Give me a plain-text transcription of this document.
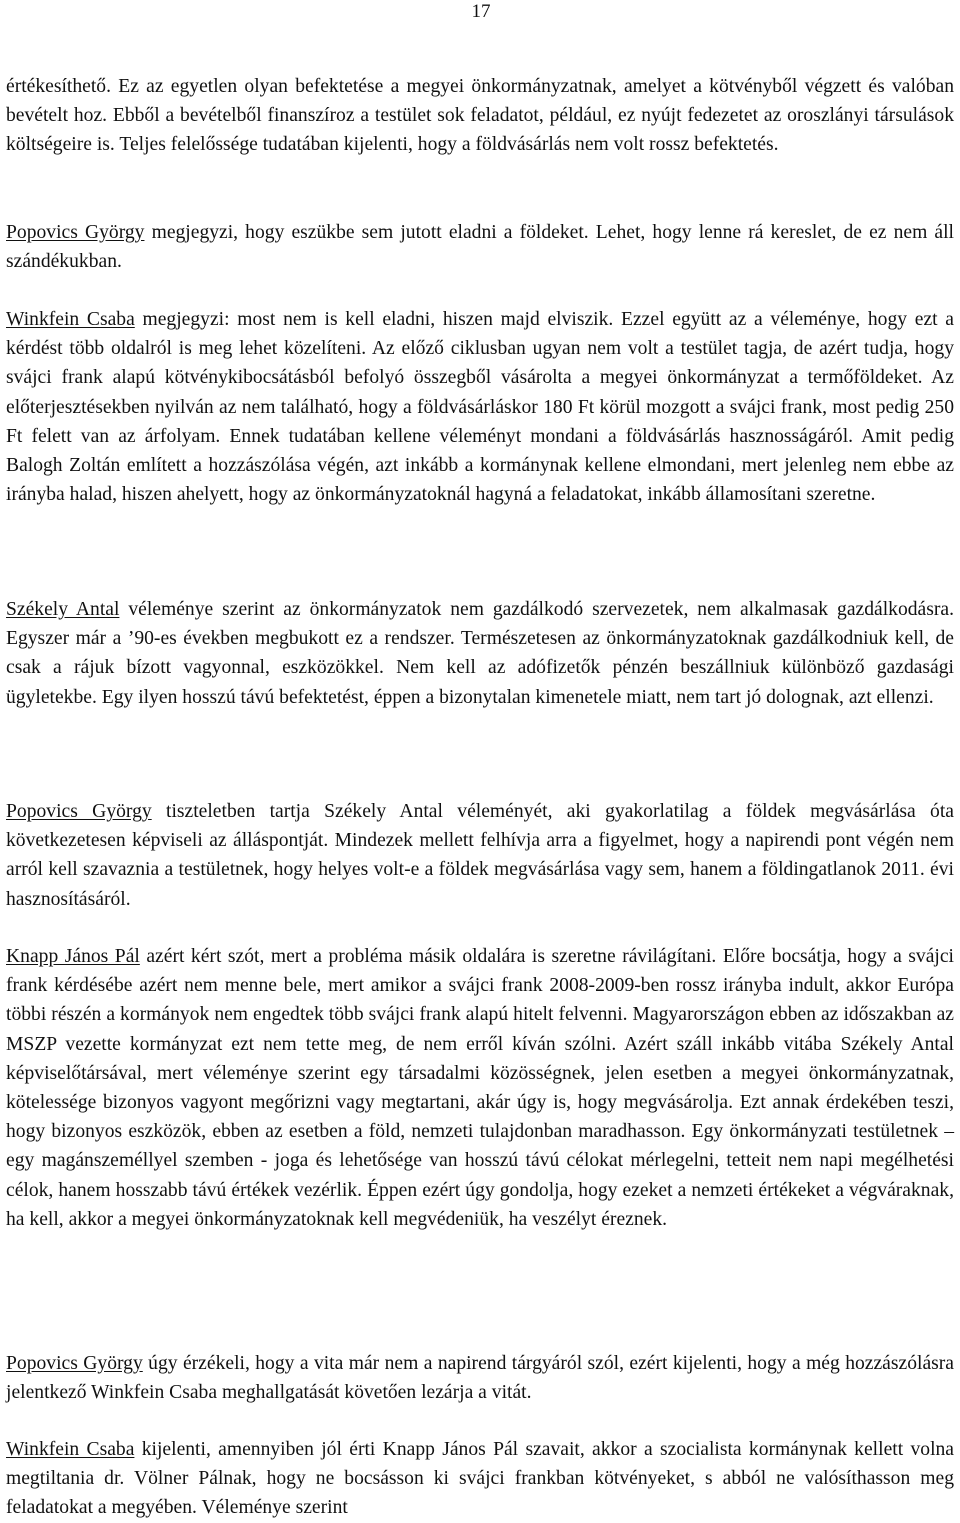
17

értékesíthető. Ez az egyetlen olyan befektetése a megyei önkormányzatnak, amelyet a kötvényből végzett és valóban bevételt hoz. Ebből a bevételből finanszíroz a testület sok feladatot, például, ez nyújt fedezetet az oroszlányi társulások költségeire is. Teljes felelőssége tudatában kijelenti, hogy a földvásárlás nem volt rossz befektetés.

Popovics György megjegyzi, hogy eszükbe sem jutott eladni a földeket. Lehet, hogy lenne rá kereslet, de ez nem áll szándékukban.

Winkfein Csaba megjegyzi: most nem is kell eladni, hiszen majd elviszik. Ezzel együtt az a véleménye, hogy ezt a kérdést több oldalról is meg lehet közelíteni. Az előző ciklusban ugyan nem volt a testület tagja, de azért tudja, hogy svájci frank alapú kötvénykibocsátásból befolyó összegből vásárolta a megyei önkormányzat a termőföldeket. Az előterjesztésekben nyilván az nem található, hogy a földvásárláskor 180 Ft körül mozgott a svájci frank, most pedig 250 Ft felett van az árfolyam. Ennek tudatában kellene véleményt mondani a földvásárlás hasznosságáról. Amit pedig Balogh Zoltán említett a hozzászólása végén, azt inkább a kormánynak kellene elmondani, mert jelenleg nem ebbe az irányba halad, hiszen ahelyett, hogy az önkormányzatoknál hagyná a feladatokat, inkább államosítani szeretne.

Székely Antal véleménye szerint az önkormányzatok nem gazdálkodó szervezetek, nem alkalmasak gazdálkodásra. Egyszer már a ’90-es években megbukott ez a rendszer. Természetesen az önkormányzatoknak gazdálkodniuk kell, de csak a rájuk bízott vagyonnal, eszközökkel. Nem kell az adófizetők pénzén beszállniuk különböző gazdasági ügyletekbe. Egy ilyen hosszú távú befektetést, éppen a bizonytalan kimenetele miatt, nem tart jó dolognak, azt ellenzi.

Popovics György tiszteletben tartja Székely Antal véleményét, aki gyakorlatilag a földek megvásárlása óta következetesen képviseli az álláspontját. Mindezek mellett felhívja arra a figyelmet, hogy a napirendi pont végén nem arról kell szavaznia a testületnek, hogy helyes volt-e a földek megvásárlása vagy sem, hanem a földingatlanok 2011. évi hasznosításáról.

Knapp János Pál azért kért szót, mert a probléma másik oldalára is szeretne rávilágítani. Előre bocsátja, hogy a svájci frank kérdésébe azért nem menne bele, mert amikor a svájci frank 2008-2009-ben rossz irányba indult, akkor Európa többi részén a kormányok nem engedtek több svájci frank alapú hitelt felvenni. Magyarországon ebben az időszakban az MSZP vezette kormányzat ezt nem tette meg, de nem erről kíván szólni. Azért száll inkább vitába Székely Antal képviselőtársával, mert véleménye szerint egy társadalmi közösségnek, jelen esetben a megyei önkormányzatnak, kötelessége bizonyos vagyont megőrizni vagy megtartani, akár úgy is, hogy megvásárolja. Ezt annak érdekében teszi, hogy bizonyos eszközök, ebben az esetben a föld, nemzeti tulajdonban maradhasson. Egy önkormányzati testületnek – egy magánszeméllyel szemben - joga és lehetősége van hosszú távú célokat mérlegelni, tetteit nem napi megélhetési célok, hanem hosszabb távú értékek vezérlik. Éppen ezért úgy gondolja, hogy ezeket a nemzeti értékeket a végváraknak, ha kell, akkor a megyei önkormányzatoknak kell megvédeniük, ha veszélyt éreznek.

Popovics György úgy érzékeli, hogy a vita már nem a napirend tárgyáról szól, ezért kijelenti, hogy a még hozzászólásra jelentkező Winkfein Csaba meghallgatását követően lezárja a vitát.

Winkfein Csaba kijelenti, amennyiben jól érti Knapp János Pál szavait, akkor a szocialista kormánynak kellett volna megtiltania dr. Völner Pálnak, hogy ne bocsásson ki svájci frankban kötvényeket, s abból ne valósíthasson meg feladatokat a megyében. Véleménye szerint
